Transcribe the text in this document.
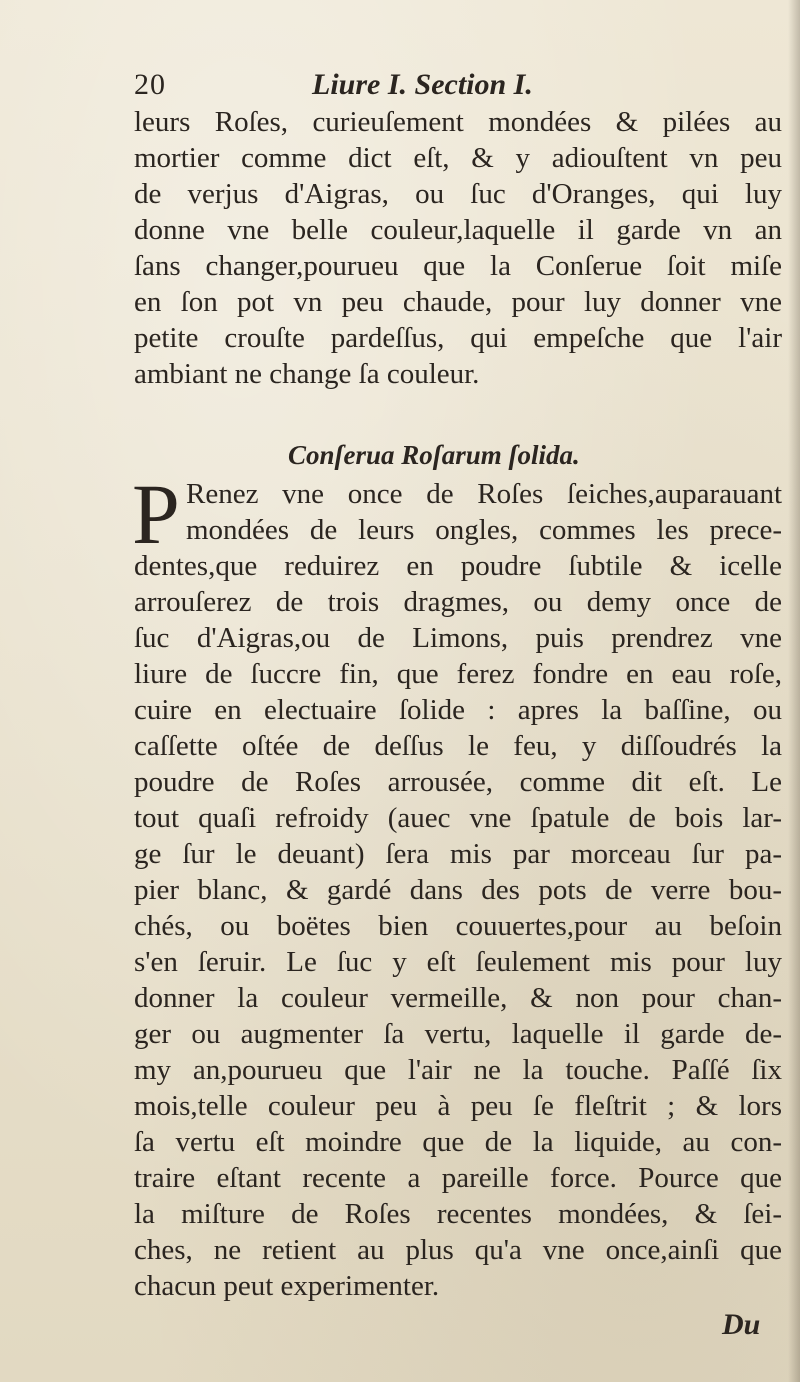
20	Liure I. Section I.
leurs Roſes, curieuſement mondées & pilées au
mortier comme dict eſt, & y adiouſtent vn peu
de verjus d'Aigras, ou ſuc d'Oranges, qui luy
donne vne belle couleur,laquelle il garde vn an
ſans changer,pourueu que la Conſerue ſoit miſe
en ſon pot vn peu chaude, pour luy donner vne
petite crouſte pardeſſus, qui empeſche que l'air
ambiant ne change ſa couleur.
Conſerua Roſarum ſolida.
P Renez vne once de Roſes ſeiches,auparauant
mondées de leurs ongles, commes les prece-
dentes,que reduirez en poudre ſubtile & icelle
arrouſerez de trois dragmes, ou demy once de
ſuc d'Aigras,ou de Limons, puis prendrez vne
liure de ſuccre fin, que ferez fondre en eau roſe,
cuire en electuaire ſolide : apres la baſſine, ou
caſſette oſtée de deſſus le feu, y diſſoudrés la
poudre de Roſes arrousée, comme dit eſt. Le
tout quaſi refroidy (auec vne ſpatule de bois lar-
ge ſur le deuant) ſera mis par morceau ſur pa-
pier blanc, & gardé dans des pots de verre bou-
chés, ou boëtes bien couuertes,pour au beſoin
s'en ſeruir. Le ſuc y eſt ſeulement mis pour luy
donner la couleur vermeille, & non pour chan-
ger ou augmenter ſa vertu, laquelle il garde de-
my an,pourueu que l'air ne la touche. Paſſé ſix
mois,telle couleur peu à peu ſe fleſtrit ; & lors
ſa vertu eſt moindre que de la liquide, au con-
traire eſtant recente a pareille force. Pource que
la miſture de Roſes recentes mondées, & ſei-
ches, ne retient au plus qu'a vne once,ainſi que
chacun peut experimenter.
Du
